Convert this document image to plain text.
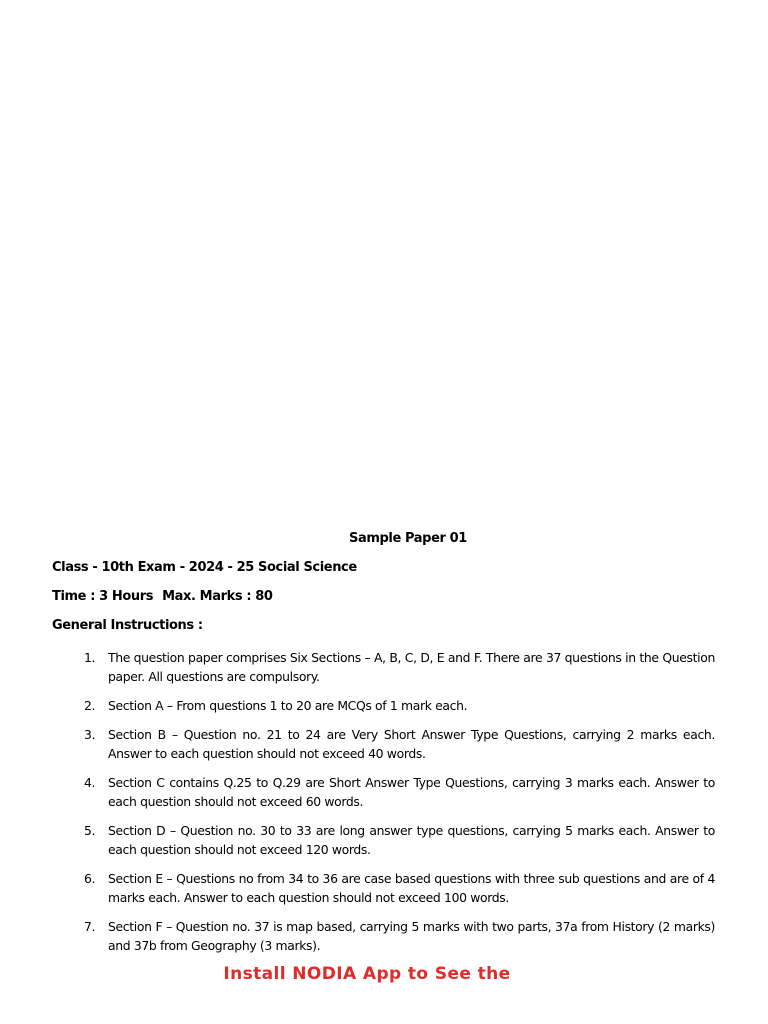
Sample Paper 01

Class - 10th Exam - 2024 - 25 Social Science

Time : 3 Hours Max. Marks : 80

General Instructions :

1.	The question paper comprises Six Sections – A, B, C, D, E and F. There are 37 questions in the Question paper. All questions are compulsory.
2.	Section A – From questions 1 to 20 are MCQs of 1 mark each.
3.	Section B – Question no. 21 to 24 are Very Short Answer Type Questions, carrying 2 marks each. Answer to each question should not exceed 40 words.
4.	Section C contains Q.25 to Q.29 are Short Answer Type Questions, carrying 3 marks each. Answer to each question should not exceed 60 words.
5.	Section D – Question no. 30 to 33 are long answer type questions, carrying 5 marks each. Answer to each question should not exceed 120 words.
6.	Section E – Questions no from 34 to 36 are case based questions with three sub questions and are of 4 marks each. Answer to each question should not exceed 100 words.
7.	Section F – Question no. 37 is map based, carrying 5 marks with two parts, 37a from History (2 marks) and 37b from Geography (3 marks).

Install NODIA App to See the
